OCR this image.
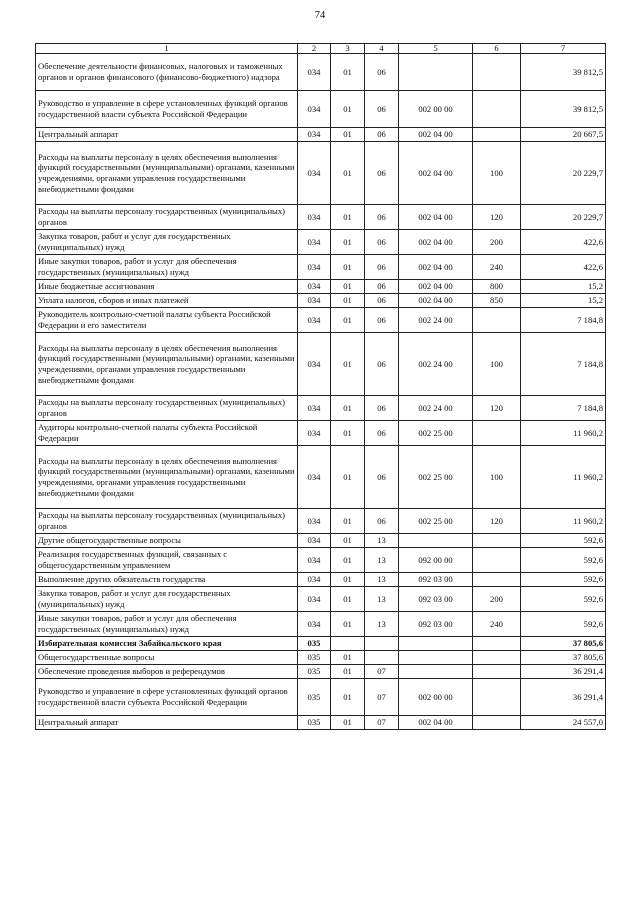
74
1	2	3	4	5	6	7
Обеспечение деятельности финансовых, налоговых и таможенных органов и органов финансового (финансово-бюджетного) надзора	034	01	06			39 812,5
Руководство и управление в сфере установленных функций органов государственной власти субъекта Российской Федерации	034	01	06	002 00 00		39 812,5
Центральный аппарат	034	01	06	002 04 00		20 667,5
Расходы на выплаты персоналу в целях обеспечения выполнения функций государственными (муниципальными) органами, казенными учреждениями, органами управления государственными внебюджетными фондами	034	01	06	002 04 00	100	20 229,7
Расходы на выплаты персоналу государственных (муниципальных) органов	034	01	06	002 04 00	120	20 229,7
Закупка товаров, работ и услуг для государственных (муниципальных) нужд	034	01	06	002 04 00	200	422,6
Иные закупки товаров, работ и услуг для обеспечения государственных (муниципальных) нужд	034	01	06	002 04 00	240	422,6
Иные бюджетные ассигнования	034	01	06	002 04 00	800	15,2
Уплата налогов, сборов и иных платежей	034	01	06	002 04 00	850	15,2
Руководитель контрольно-счетной палаты субъекта Российской Федерации и его заместители	034	01	06	002 24 00		7 184,8
Расходы на выплаты персоналу в целях обеспечения выполнения функций государственными (муниципальными) органами, казенными учреждениями, органами управления государственными внебюджетными фондами	034	01	06	002 24 00	100	7 184,8
Расходы на выплаты персоналу государственных (муниципальных) органов	034	01	06	002 24 00	120	7 184,8
Аудиторы контрольно-счетной палаты субъекта Российской Федерации	034	01	06	002 25 00		11 960,2
Расходы на выплаты персоналу в целях обеспечения выполнения функций государственными (муниципальными) органами, казенными учреждениями, органами управления государственными внебюджетными фондами	034	01	06	002 25 00	100	11 960,2
Расходы на выплаты персоналу государственных (муниципальных) органов	034	01	06	002 25 00	120	11 960,2
Другие общегосударственные вопросы	034	01	13			592,6
Реализация государственных функций, связанных с общегосударственным управлением	034	01	13	092 00 00		592,6
Выполнение других обязательств государства	034	01	13	092 03 00		592,6
Закупка товаров, работ и услуг для государственных (муниципальных) нужд	034	01	13	092 03 00	200	592,6
Иные закупки товаров, работ и услуг для обеспечения государственных (муниципальных) нужд	034	01	13	092 03 00	240	592,6
Избирательная комиссия Забайкальского края	035					37 805,6
Общегосударственные вопросы	035	01				37 805,6
Обеспечение проведения выборов и референдумов	035	01	07			36 291,4
Руководство и управление в сфере установленных функций органов государственной власти субъекта Российской Федерации	035	01	07	002 00 00		36 291,4
Центральный аппарат	035	01	07	002 04 00		24 557,0
